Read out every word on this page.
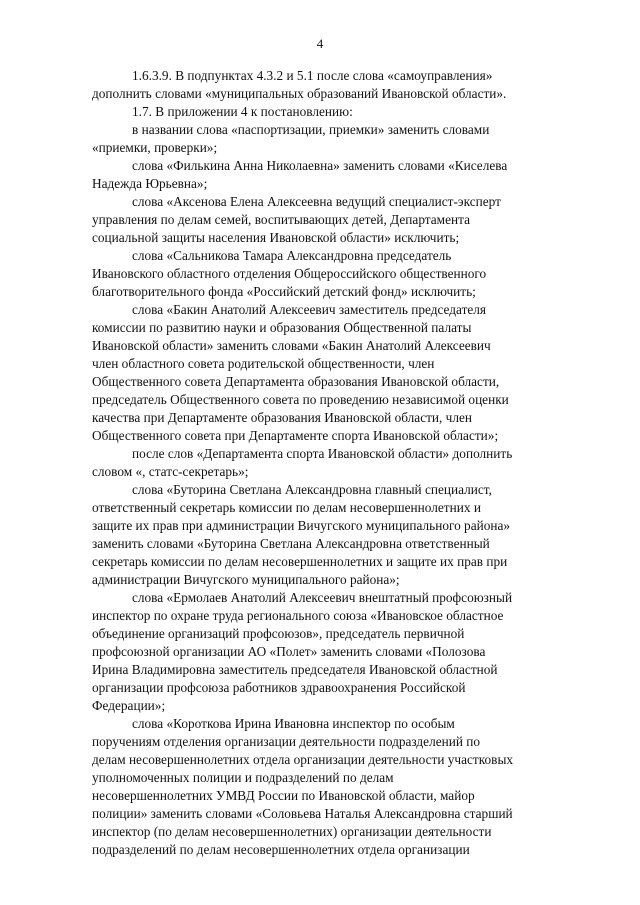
4

1.6.3.9. В подпунктах 4.3.2 и 5.1 после слова «самоуправления»
дополнить словами «муниципальных образований Ивановской области».

1.7. В приложении 4 к постановлению:

в названии слова «паспортизации, приемки» заменить словами
«приемки, проверки»;

слова «Филькина Анна Николаевна» заменить словами «Киселева
Надежда Юрьевна»;

слова «Аксенова Елена Алексеевна ведущий специалист-эксперт
управления по делам семей, воспитывающих детей, Департамента
социальной защиты населения Ивановской области» исключить;

слова «Сальникова Тамара Александровна председатель
Ивановского областного отделения Общероссийского общественного
благотворительного фонда «Российский детский фонд» исключить;

слова «Бакин Анатолий Алексеевич заместитель председателя
комиссии по развитию науки и образования Общественной палаты
Ивановской области» заменить словами «Бакин Анатолий Алексеевич
член областного совета родительской общественности, член
Общественного совета Департамента образования Ивановской области,
председатель Общественного совета по проведению независимой оценки
качества при Департаменте образования Ивановской области, член
Общественного совета при Департаменте спорта Ивановской области»;

после слов «Департамента спорта Ивановской области» дополнить
словом «, статс-секретарь»;

слова «Буторина Светлана Александровна главный специалист,
ответственный секретарь комиссии по делам несовершеннолетних и
защите их прав при администрации Вичугского муниципального района»
заменить словами «Буторина Светлана Александровна ответственный
секретарь комиссии по делам несовершеннолетних и защите их прав при
администрации Вичугского муниципального района»;

слова «Ермолаев Анатолий Алексеевич внештатный профсоюзный
инспектор по охране труда регионального союза «Ивановское областное
объединение организаций профсоюзов», председатель первичной
профсоюзной организации АО «Полет» заменить словами «Полозова
Ирина Владимировна заместитель председателя Ивановской областной
организации профсоюза работников здравоохранения Российской
Федерации»;

слова «Короткова Ирина Ивановна инспектор по особым
поручениям отделения организации деятельности подразделений по
делам несовершеннолетних отдела организации деятельности участковых
уполномоченных полиции и подразделений по делам
несовершеннолетних УМВД России по Ивановской области, майор
полиции» заменить словами «Соловьева Наталья Александровна старший
инспектор (по делам несовершеннолетних) организации деятельности
подразделений по делам несовершеннолетних отдела организации
